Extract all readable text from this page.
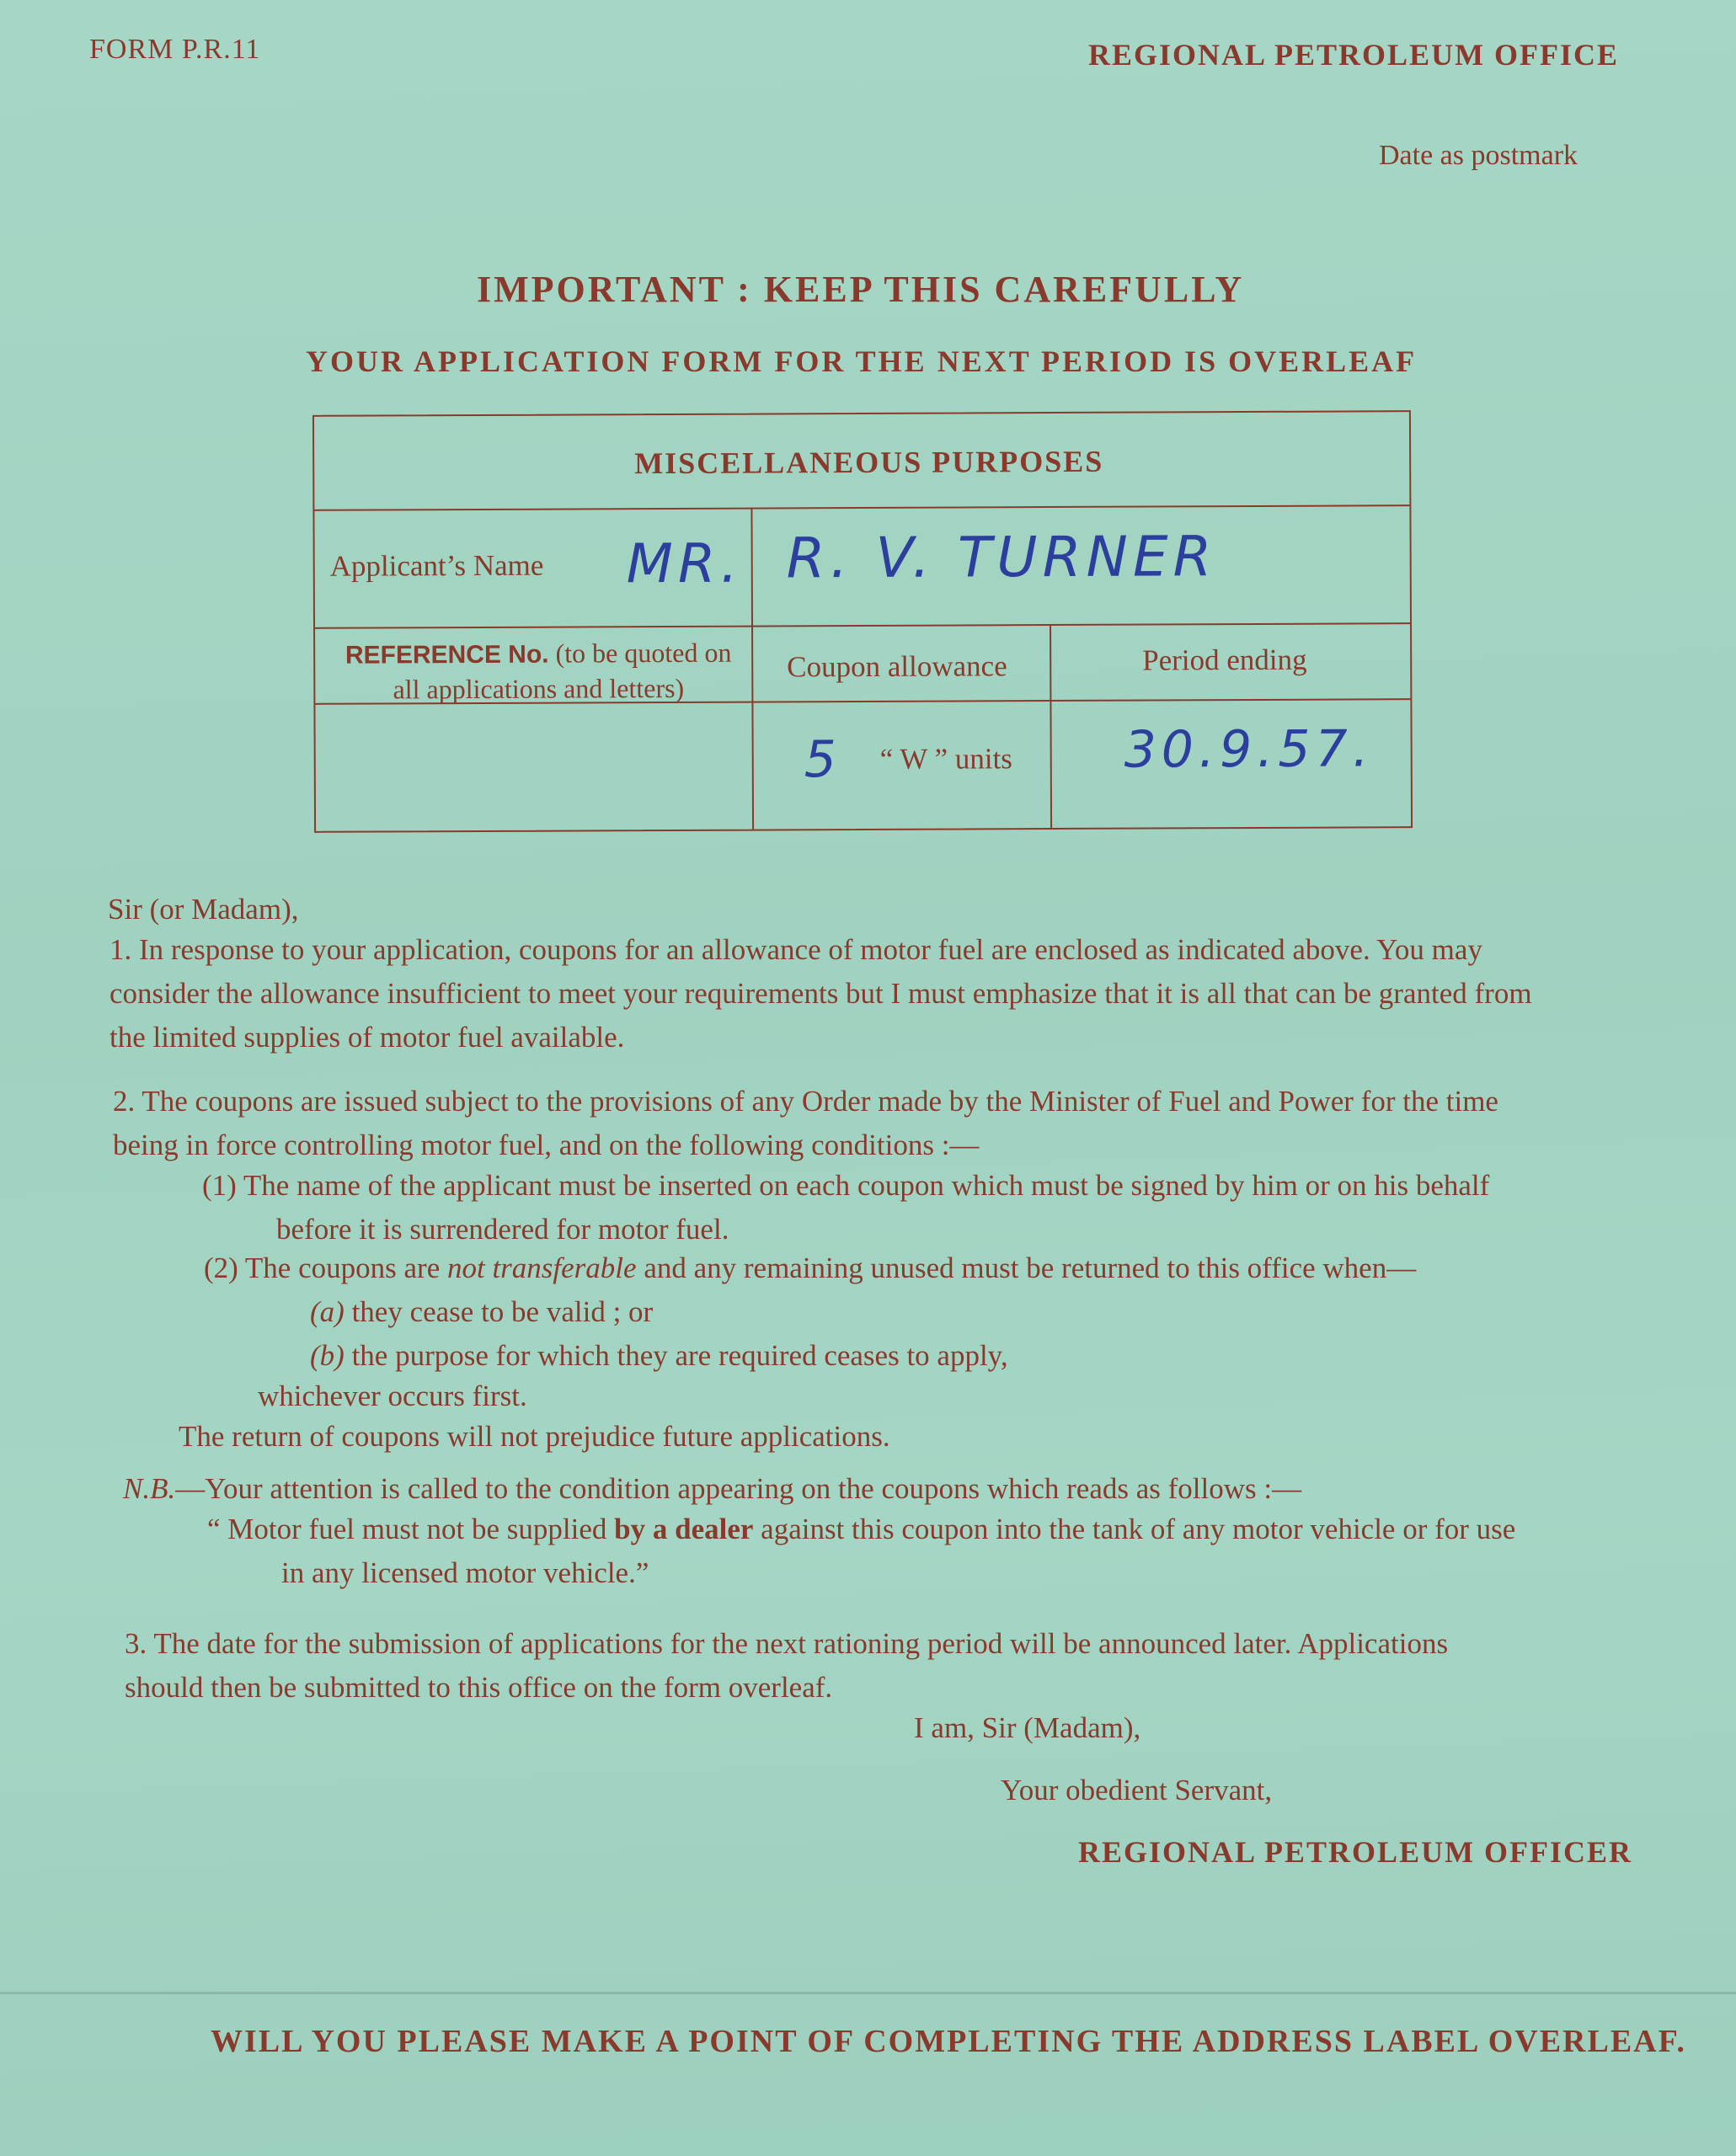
FORM P.R.11	REGIONAL PETROLEUM OFFICE
Date as postmark
IMPORTANT : KEEP THIS CAREFULLY
YOUR APPLICATION FORM FOR THE NEXT PERIOD IS OVERLEAF
MISCELLANEOUS PURPOSES
Applicant’s Name MR. R. V. TURNER
REFERENCE No. (to be quoted on
all applications and letters)
Coupon allowance	Period ending
5 “ W ” units 30.9.57.
Sir (or Madam),
1. In response to your application, coupons for an allowance of motor fuel are enclosed as indicated above. You may
consider the allowance insufficient to meet your requirements but I must emphasize that it is all that can be granted from
the limited supplies of motor fuel available.
2. The coupons are issued subject to the provisions of any Order made by the Minister of Fuel and Power for the time
being in force controlling motor fuel, and on the following conditions :—
(1) The name of the applicant must be inserted on each coupon which must be signed by him or on his behalf
before it is surrendered for motor fuel.
(2) The coupons are not transferable and any remaining unused must be returned to this office when—
(a) they cease to be valid ; or
(b) the purpose for which they are required ceases to apply,
whichever occurs first.
The return of coupons will not prejudice future applications.
N.B.—Your attention is called to the condition appearing on the coupons which reads as follows :—
“ Motor fuel must not be supplied by a dealer against this coupon into the tank of any motor vehicle or for use
in any licensed motor vehicle.”
3. The date for the submission of applications for the next rationing period will be announced later. Applications
should then be submitted to this office on the form overleaf.
I am, Sir (Madam),
Your obedient Servant,
REGIONAL PETROLEUM OFFICER
WILL YOU PLEASE MAKE A POINT OF COMPLETING THE ADDRESS LABEL OVERLEAF.
